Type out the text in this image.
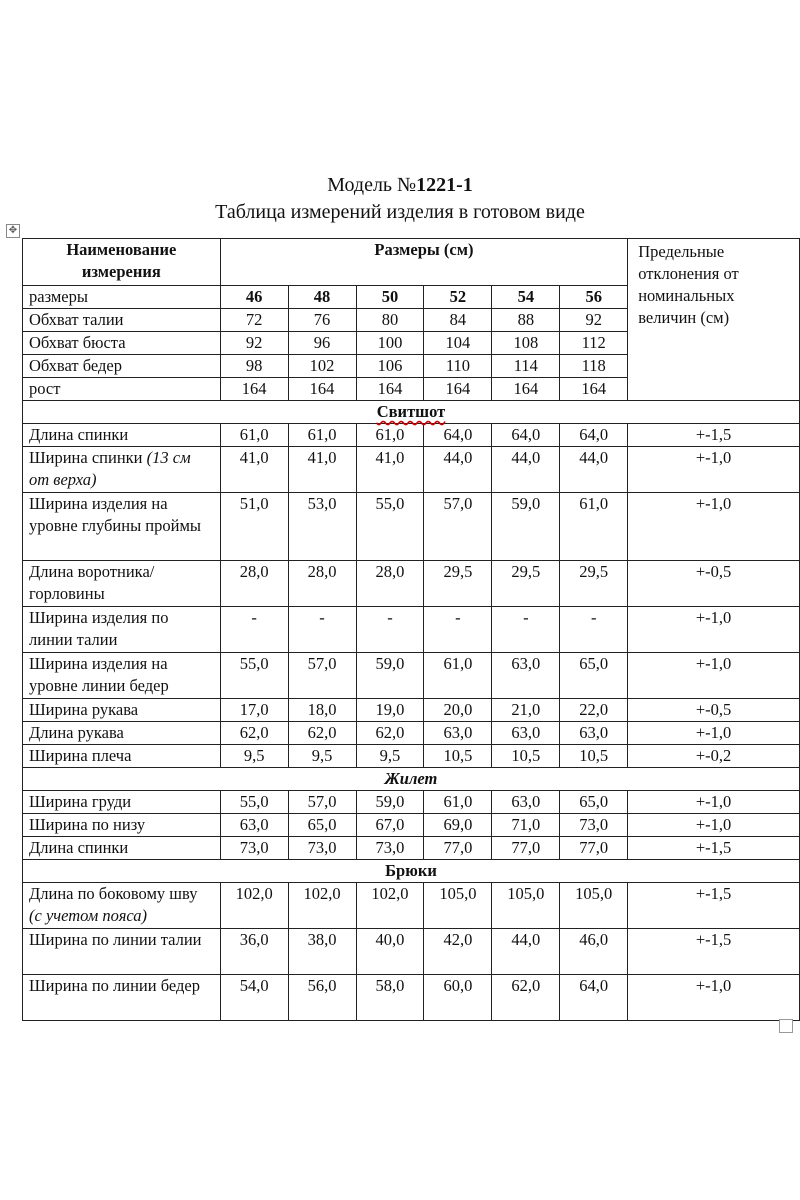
Модель №1221-1
Таблица измерений изделия в готовом виде
✥
Наименование измерения	Размеры (см)						Предельные отклонения от номинальных величин (см)
размеры	46	48	50	52	54	56	
Обхват талии	72	76	80	84	88	92	
Обхват бюста	92	96	100	104	108	112	
Обхват бедер	98	102	106	110	114	118	
рост	164	164	164	164	164	164	
Свитшот							
Длина спинки	61,0	61,0	61,0	64,0	64,0	64,0	+-1,5
Ширина спинки (13 см от верха)	41,0	41,0	41,0	44,0	44,0	44,0	+-1,0
Ширина изделия на уровне глубины проймы	51,0	53,0	55,0	57,0	59,0	61,0	+-1,0
Длина воротника/горловины	28,0	28,0	28,0	29,5	29,5	29,5	+-0,5
Ширина изделия по линии талии	-	-	-	-	-	-	+-1,0
Ширина изделия на уровне линии бедер	55,0	57,0	59,0	61,0	63,0	65,0	+-1,0
Ширина рукава	17,0	18,0	19,0	20,0	21,0	22,0	+-0,5
Длина рукава	62,0	62,0	62,0	63,0	63,0	63,0	+-1,0
Ширина плеча	9,5	9,5	9,5	10,5	10,5	10,5	+-0,2
Жилет							
Ширина груди	55,0	57,0	59,0	61,0	63,0	65,0	+-1,0
Ширина по низу	63,0	65,0	67,0	69,0	71,0	73,0	+-1,0
Длина спинки	73,0	73,0	73,0	77,0	77,0	77,0	+-1,5
Брюки							
Длина по боковому шву (с учетом пояса)	102,0	102,0	102,0	105,0	105,0	105,0	+-1,5
Ширина по линии талии	36,0	38,0	40,0	42,0	44,0	46,0	+-1,5
Ширина по линии бедер	54,0	56,0	58,0	60,0	62,0	64,0	+-1,0
